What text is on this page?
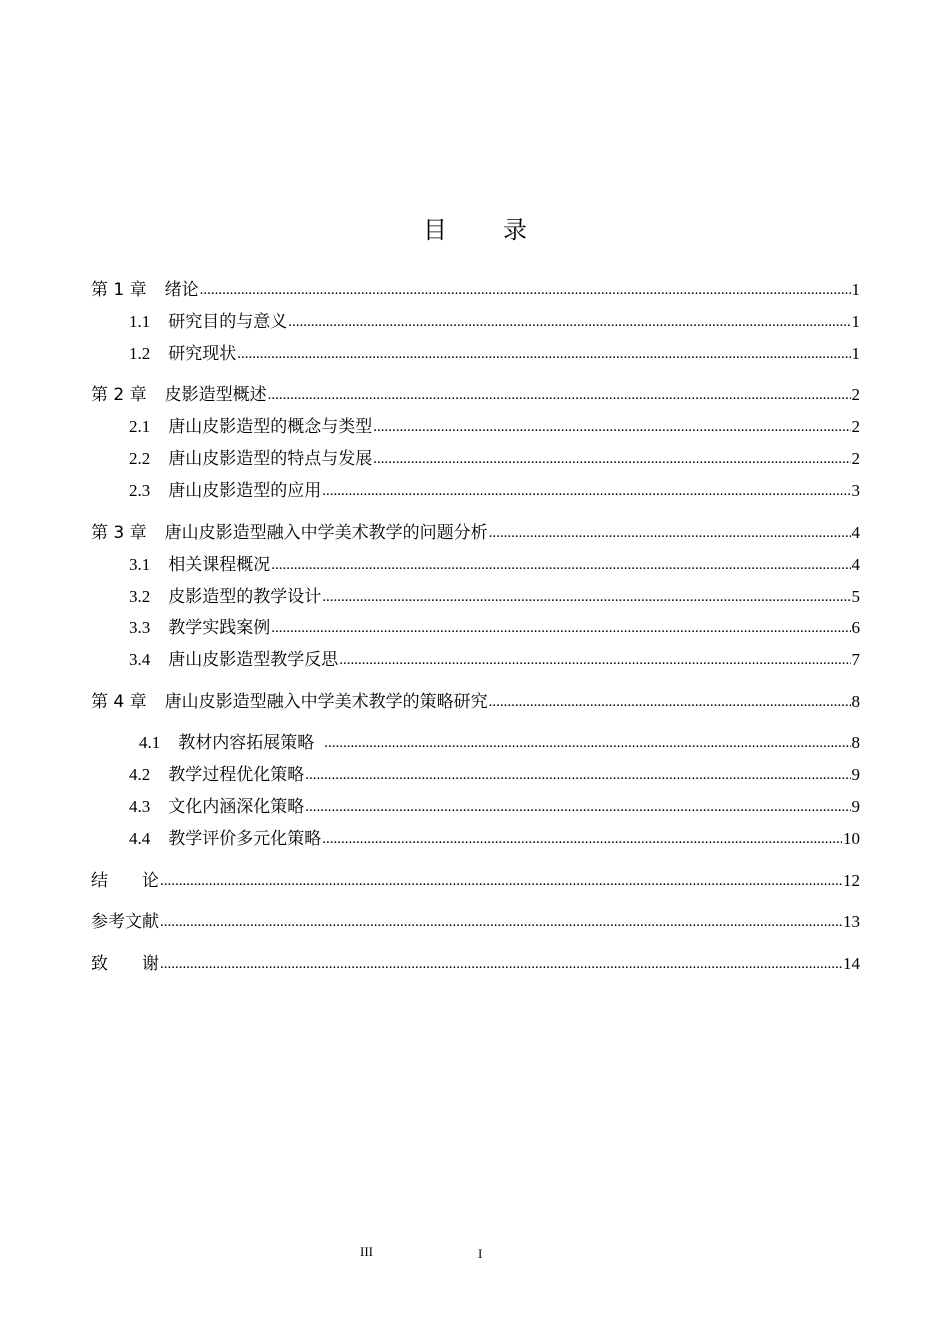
目 录
第 1 章 绪论 .....	1
1.1 研究目的与意义 .....	1
1.2 研究现状 .....	1
第 2 章 皮影造型概述 .....	2
2.1 唐山皮影造型的概念与类型 .....	2
2.2 唐山皮影造型的特点与发展 .....	2
2.3 唐山皮影造型的应用 .....	3
第 3 章 唐山皮影造型融入中学美术教学的问题分析 .....	4
3.1 相关课程概况 .....	4
3.2 皮影造型的教学设计 .....	5
3.3 教学实践案例 .....	6
3.4 唐山皮影造型教学反思 .....	7
第 4 章 唐山皮影造型融入中学美术教学的策略研究 .....	8
4.1 教材内容拓展策略 .....	8
4.2 教学过程优化策略 .....	9
4.3 文化内涵深化策略 .....	9
4.4 教学评价多元化策略 .....	10
结　　论 .....	12
参考文献 .....	13
致　　谢 .....	14
III	I
